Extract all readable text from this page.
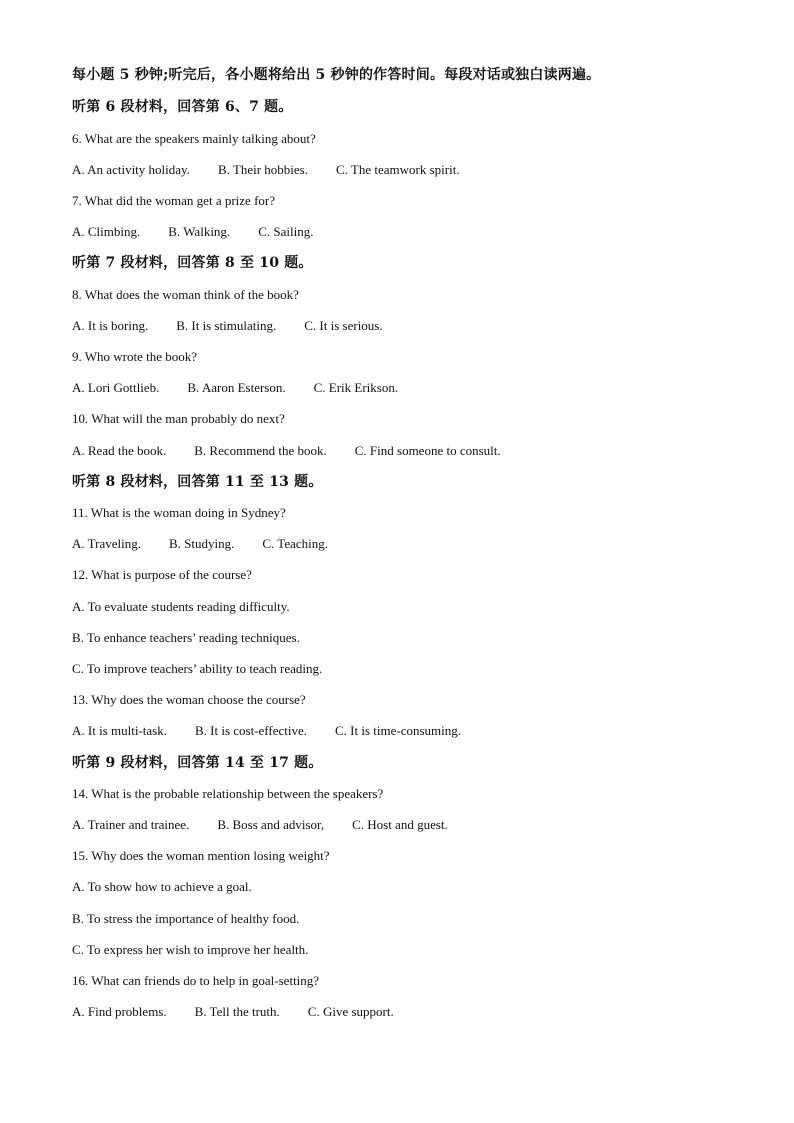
每小题 5 秒钟;听完后，各小题将给出 5 秒钟的作答时间。每段对话或独白读两遍。
听第 6 段材料，回答第 6、7 题。
6. What are the speakers mainly talking about?
A. An activity holiday. B. Their hobbies. C. The teamwork spirit.
7. What did the woman get a prize for?
A. Climbing. B. Walking. C. Sailing.
听第 7 段材料，回答第 8 至 10 题。
8. What does the woman think of the book?
A. It is boring. B. It is stimulating. C. It is serious.
9. Who wrote the book?
A. Lori Gottlieb. B. Aaron Esterson. C. Erik Erikson.
10. What will the man probably do next?
A. Read the book. B. Recommend the book. C. Find someone to consult.
听第 8 段材料，回答第 11 至 13 题。
11. What is the woman doing in Sydney?
A. Traveling. B. Studying. C. Teaching.
12. What is purpose of the course?
A. To evaluate students reading difficulty.
B. To enhance teachers’ reading techniques.
C. To improve teachers’ ability to teach reading.
13. Why does the woman choose the course?
A. It is multi-task. B. It is cost-effective. C. It is time-consuming.
听第 9 段材料，回答第 14 至 17 题。
14. What is the probable relationship between the speakers?
A. Trainer and trainee. B. Boss and advisor, C. Host and guest.
15. Why does the woman mention losing weight?
A. To show how to achieve a goal.
B. To stress the importance of healthy food.
C. To express her wish to improve her health.
16. What can friends do to help in goal-setting?
A. Find problems. B. Tell the truth. C. Give support.
